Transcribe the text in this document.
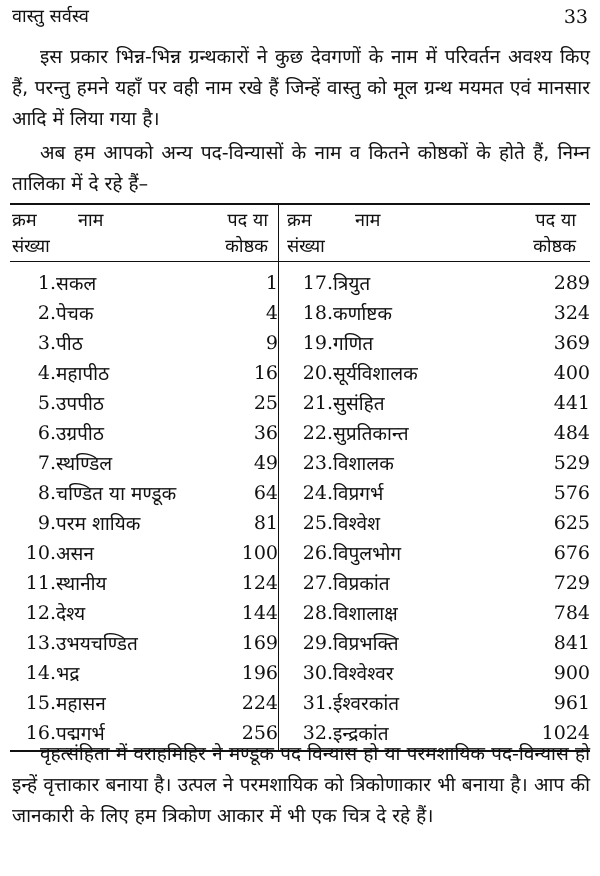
वास्तु सर्वस्व	33

इस प्रकार भिन्न-भिन्न ग्रन्थकारों ने कुछ देवगणों के नाम में परिवर्तन अवश्य किए हैं, परन्तु हमने यहाँ पर वही नाम रखे हैं जिन्हें वास्तु को मूल ग्रन्थ मयमत एवं मानसार आदि में लिया गया है।

अब हम आपको अन्य पद-विन्यासों के नाम व कितने कोष्ठकों के होते हैं, निम्न तालिका में दे रहे हैं–

क्रम	नाम	पद या	क्रम	नाम	पद या
संख्या		कोष्ठक	संख्या		कोष्ठक
1.	सकल	1	17.	त्रियुत	289
2.	पेचक	4	18.	कर्णाष्टक	324
3.	पीठ	9	19.	गणित	369
4.	महापीठ	16	20.	सूर्यविशालक	400
5.	उपपीठ	25	21.	सुसंहित	441
6.	उग्रपीठ	36	22.	सुप्रतिकान्त	484
7.	स्थण्डिल	49	23.	विशालक	529
8.	चण्डित या मण्डूक	64	24.	विप्रगर्भ	576
9.	परम शायिक	81	25.	विश्वेश	625
10.	असन	100	26.	विपुलभोग	676
11.	स्थानीय	124	27.	विप्रकांत	729
12.	देश्य	144	28.	विशालाक्ष	784
13.	उभयचण्डित	169	29.	विप्रभक्ति	841
14.	भद्र	196	30.	विश्वेश्वर	900
15.	महासन	224	31.	ईश्वरकांत	961
16.	पद्मगर्भ	256	32.	इन्द्रकांत	1024

वृहत्संहिता में वराहमिहिर ने मण्डूक पद विन्यास हो या परमशायिक पद-विन्यास हो इन्हें वृत्ताकार बनाया है। उत्पल ने परमशायिक को त्रिकोणाकार भी बनाया है। आप की जानकारी के लिए हम त्रिकोण आकार में भी एक चित्र दे रहे हैं।
